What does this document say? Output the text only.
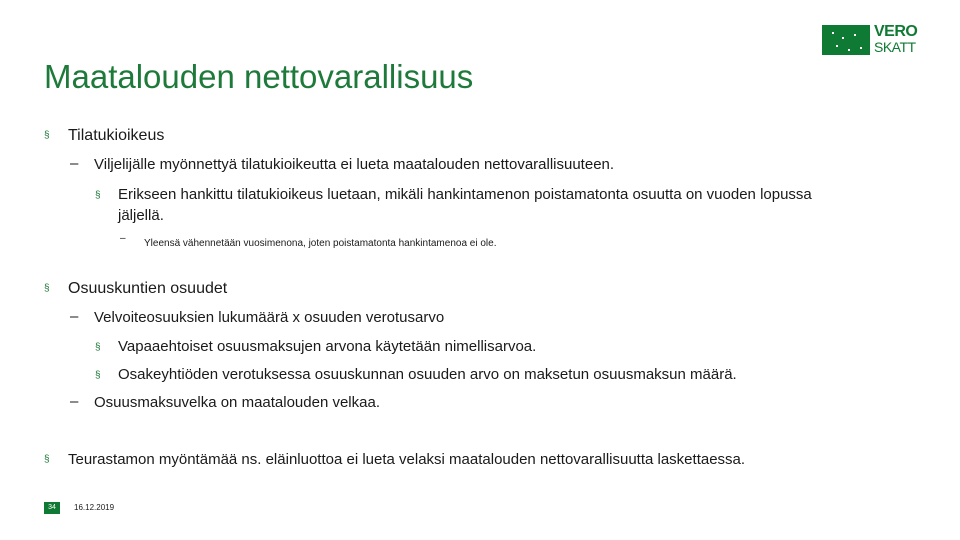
Maatalouden nettovarallisuus
VERO
SKATT
§ Tilatukioikeus
– Viljelijälle myönnettyä tilatukioikeutta ei lueta maatalouden nettovarallisuuteen.
§ Erikseen hankittu tilatukioikeus luetaan, mikäli hankintamenon poistamatonta osuutta on vuoden lopussa jäljellä.
– Yleensä vähennetään vuosimenona, joten poistamatonta hankintamenoa ei ole.
§ Osuuskuntien osuudet
– Velvoiteosuuksien lukumäärä x osuuden verotusarvo
§ Vapaaehtoiset osuusmaksujen arvona käytetään nimellisarvoa.
§ Osakeyhtiöden verotuksessa osuuskunnan osuuden arvo on maksetun osuusmaksun määrä.
– Osuusmaksuvelka on maatalouden velkaa.
§ Teurastamon myöntämää ns. eläinluottoa ei lueta velaksi maatalouden nettovarallisuutta laskettaessa.
34	16.12.2019
